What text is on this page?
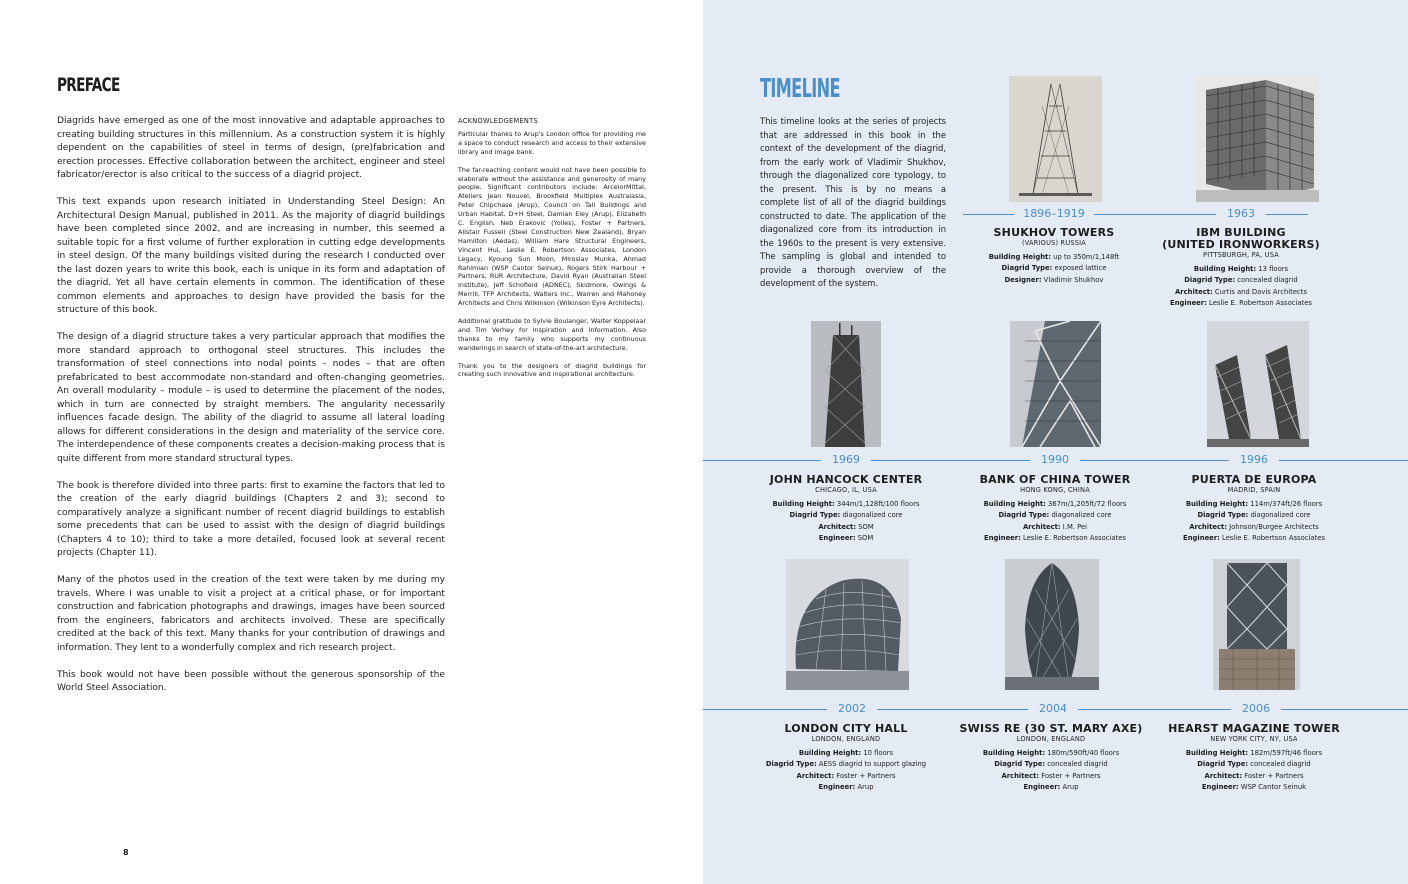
PREFACE

Diagrids have emerged as one of the most innovative and adaptable approaches to creating building structures in this millennium. As a construction system it is highly dependent on the capabilities of steel in terms of design, (pre)fabrication and erection processes. Effective collaboration between the architect, engineer and steel fabricator/erector is also critical to the success of a diagrid project.

This text expands upon research initiated in Understanding Steel Design: An Architectural Design Manual, published in 2011. As the majority of diagrid buildings have been completed since 2002, and are increasing in number, this seemed a suitable topic for a first volume of further exploration in cutting edge developments in steel design. Of the many buildings visited during the research I conducted over the last dozen years to write this book, each is unique in its form and adaptation of the diagrid. Yet all have certain elements in common. The identification of these common elements and approaches to design have provided the basis for the structure of this book.

The design of a diagrid structure takes a very particular approach that modifies the more standard approach to orthogonal steel structures. This includes the transformation of steel connections into nodal points – nodes – that are often prefabricated to best accommodate non-standard and often-changing geometries. An overall modularity – module – is used to determine the placement of the nodes, which in turn are connected by straight members. The angularity necessarily influences facade design. The ability of the diagrid to assume all lateral loading allows for different considerations in the design and materiality of the service core. The interdependence of these components creates a decision-making process that is quite different from more standard structural types.

The book is therefore divided into three parts: first to examine the factors that led to the creation of the early diagrid buildings (Chapters 2 and 3); second to comparatively analyze a significant number of recent diagrid buildings to establish some precedents that can be used to assist with the design of diagrid buildings (Chapters 4 to 10); third to take a more detailed, focused look at several recent projects (Chapter 11).

Many of the photos used in the creation of the text were taken by me during my travels. Where I was unable to visit a project at a critical phase, or for important construction and fabrication photographs and drawings, images have been sourced from the engineers, fabricators and architects involved. These are specifically credited at the back of this text. Many thanks for your contribution of drawings and information. They lent to a wonderfully complex and rich research project.

This book would not have been possible without the generous sponsorship of the World Steel Association.

ACKNOWLEDGEMENTS

Particular thanks to Arup's London office for providing me a space to conduct research and access to their extensive library and image bank.

The far-reaching content would not have been possible to elaborate without the assistance and generosity of many people. Significant contributors include: ArcelorMittal, Ateliers Jean Nouvel, Brookfield Multiplex Australasia, Peter Chipchase (Arup), Council on Tall Buildings and Urban Habitat, D+H Steel, Damian Eley (Arup), Elizabeth C. English, Neb Erakovic (Yolles), Foster + Partners, Alistair Fussell (Steel Construction New Zealand), Bryan Hamilton (Aedas), William Hare Structural Engineers, Vincent Hui, Leslie E. Robertson Associates, London Legacy, Kyoung Sun Moon, Miroslav Munka, Ahmad Rahimian (WSP Cantor Seinuk), Rogers Stirk Harbour + Partners, RUR Architecture, David Ryan (Australian Steel Institute), Jeff Schofield (ADNEC), Skidmore, Owings & Merrill, TFP Architects, Walters Inc., Warren and Mahoney Architects and Chris Wilkinson (Wilkinson Eyre Architects).

Additional gratitude to Sylvie Boulanger, Walter Koppelaar and Tim Verhey for inspiration and information. Also thanks to my family who supports my continuous wanderings in search of state-of-the-art architecture.

Thank you to the designers of diagrid buildings for creating such innovative and inspirational architecture.

8
TIMELINE
This timeline looks at the series of projects that are addressed in this book in the context of the development of the diagrid, from the early work of Vladimir Shukhov, through the diagonalized core typology, to the present. This is by no means a complete list of all of the diagrid buildings constructed to date. The application of the diagonalized core from its introduction in the 1960s to the present is very extensive. The sampling is global and intended to provide a thorough overview of the development of the system.
1896–1919	1963
1969	1990	1996
2002	2004	2006
SHUKHOV TOWERS
(VARIOUS) RUSSIA
Building Height: up to 350m/1,148ft
Diagrid Type: exposed lattice
Designer: Vladimir Shukhov
IBM BUILDING
(UNITED IRONWORKERS)
PITTSBURGH, PA, USA
Building Height: 13 floors
Diagrid Type: concealed diagrid
Architect: Curtis and Davis Architects
Engineer: Leslie E. Robertson Associates
JOHN HANCOCK CENTER
CHICAGO, IL, USA
Building Height: 344m/1,128ft/100 floors
Diagrid Type: diagonalized core
Architect: SOM
Engineer: SOM
BANK OF CHINA TOWER
HONG KONG, CHINA
Building Height: 367m/1,205ft/72 floors
Diagrid Type: diagonalized core
Architect: I.M. Pei
Engineer: Leslie E. Robertson Associates
PUERTA DE EUROPA
MADRID, SPAIN
Building Height: 114m/374ft/26 floors
Diagrid Type: diagonalized core
Architect: Johnson/Burgee Architects
Engineer: Leslie E. Robertson Associates
LONDON CITY HALL
LONDON, ENGLAND
Building Height: 10 floors
Diagrid Type: AESS diagrid to support glazing
Architect: Foster + Partners
Engineer: Arup
SWISS RE (30 ST. MARY AXE)
LONDON, ENGLAND
Building Height: 180m/590ft/40 floors
Diagrid Type: concealed diagrid
Architect: Foster + Partners
Engineer: Arup
HEARST MAGAZINE TOWER
NEW YORK CITY, NY, USA
Building Height: 182m/597ft/46 floors
Diagrid Type: concealed diagrid
Architect: Foster + Partners
Engineer: WSP Cantor Seinuk
